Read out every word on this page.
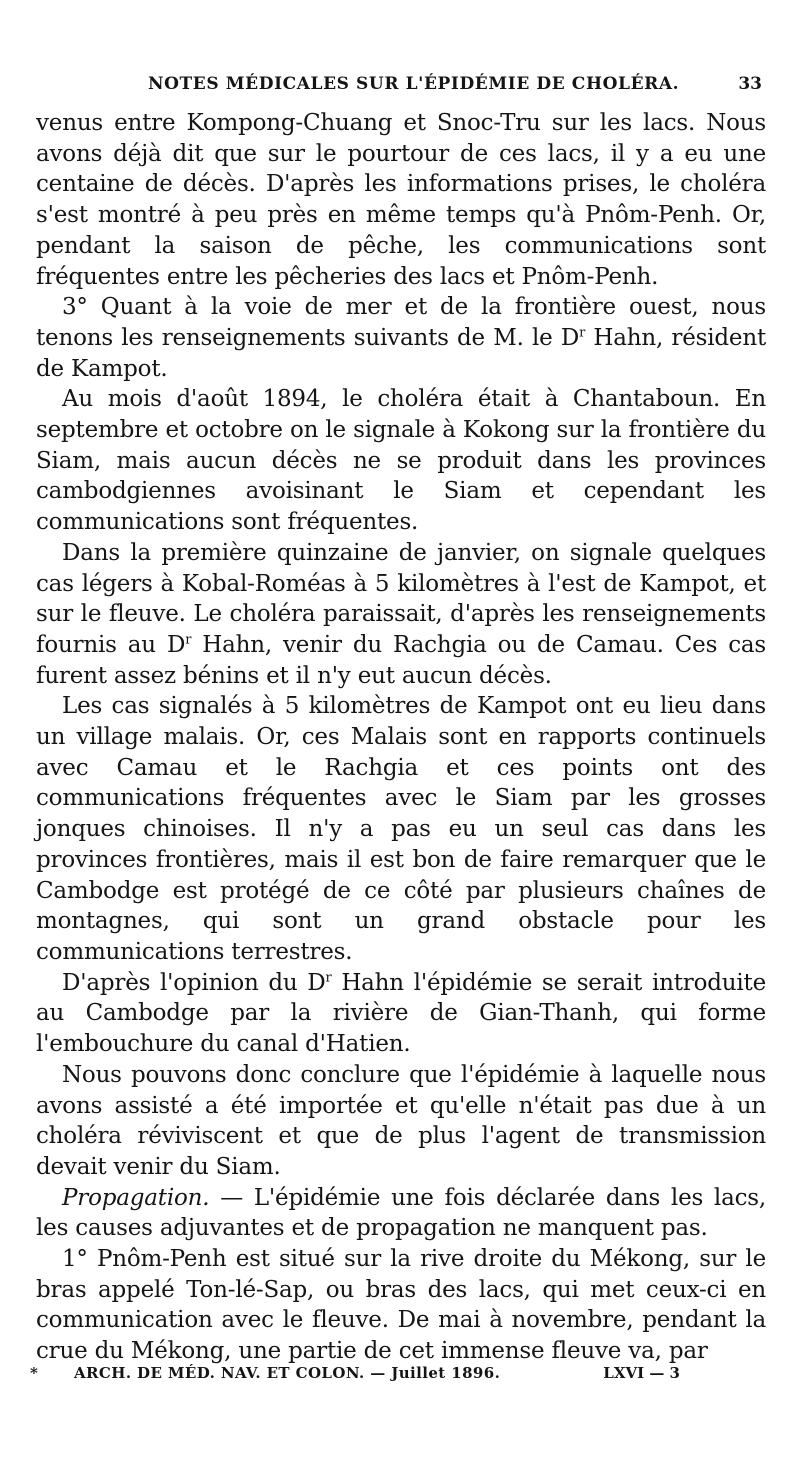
NOTES MÉDICALES SUR L'ÉPIDÉMIE DE CHOLÉRA.	33

venus entre Kompong-Chuang et Snoc-Tru sur les lacs. Nous avons déjà dit que sur le pourtour de ces lacs, il y a eu une centaine de décès. D'après les informations prises, le choléra s'est montré à peu près en même temps qu'à Pnôm-Penh. Or, pendant la saison de pêche, les communications sont fréquentes entre les pêcheries des lacs et Pnôm-Penh.

3° Quant à la voie de mer et de la frontière ouest, nous tenons les renseignements suivants de M. le $D^r$ Hahn, résident de Kampot.

Au mois d'août 1894, le choléra était à Chantaboun. En septembre et octobre on le signale à Kokong sur la frontière du Siam, mais aucun décès ne se produit dans les provinces cambodgiennes avoisinant le Siam et cependant les communications sont fréquentes.

Dans la première quinzaine de janvier, on signale quelques cas légers à Kobal-Roméas à 5 kilomètres à l'est de Kampot, et sur le fleuve. Le choléra paraissait, d'après les renseignements fournis au $D^r$ Hahn, venir du Rachgia ou de Camau. Ces cas furent assez bénins et il n'y eut aucun décès.

Les cas signalés à 5 kilomètres de Kampot ont eu lieu dans un village malais. Or, ces Malais sont en rapports continuels avec Camau et le Rachgia et ces points ont des communications fréquentes avec le Siam par les grosses jonques chinoises. Il n'y a pas eu un seul cas dans les provinces frontières, mais il est bon de faire remarquer que le Cambodge est protégé de ce côté par plusieurs chaînes de montagnes, qui sont un grand obstacle pour les communications terrestres.

D'après l'opinion du $D^r$ Hahn l'épidémie se serait introduite au Cambodge par la rivière de Gian-Thanh, qui forme l'embouchure du canal d'Hatien.

Nous pouvons donc conclure que l'épidémie à laquelle nous avons assisté a été importée et qu'elle n'était pas due à un choléra réviviscent et que de plus l'agent de transmission devait venir du Siam.

Propagation. — L'épidémie une fois déclarée dans les lacs, les causes adjuvantes et de propagation ne manquent pas.

1° Pnôm-Penh est situé sur la rive droite du Mékong, sur le bras appelé Ton-lé-Sap, ou bras des lacs, qui met ceux-ci en communication avec le fleuve. De mai à novembre, pendant la crue du Mékong, une partie de cet immense fleuve va, par

* ARCH. DE MÉD. NAV. ET COLON. — Juillet 1896.	LXVI — 3
